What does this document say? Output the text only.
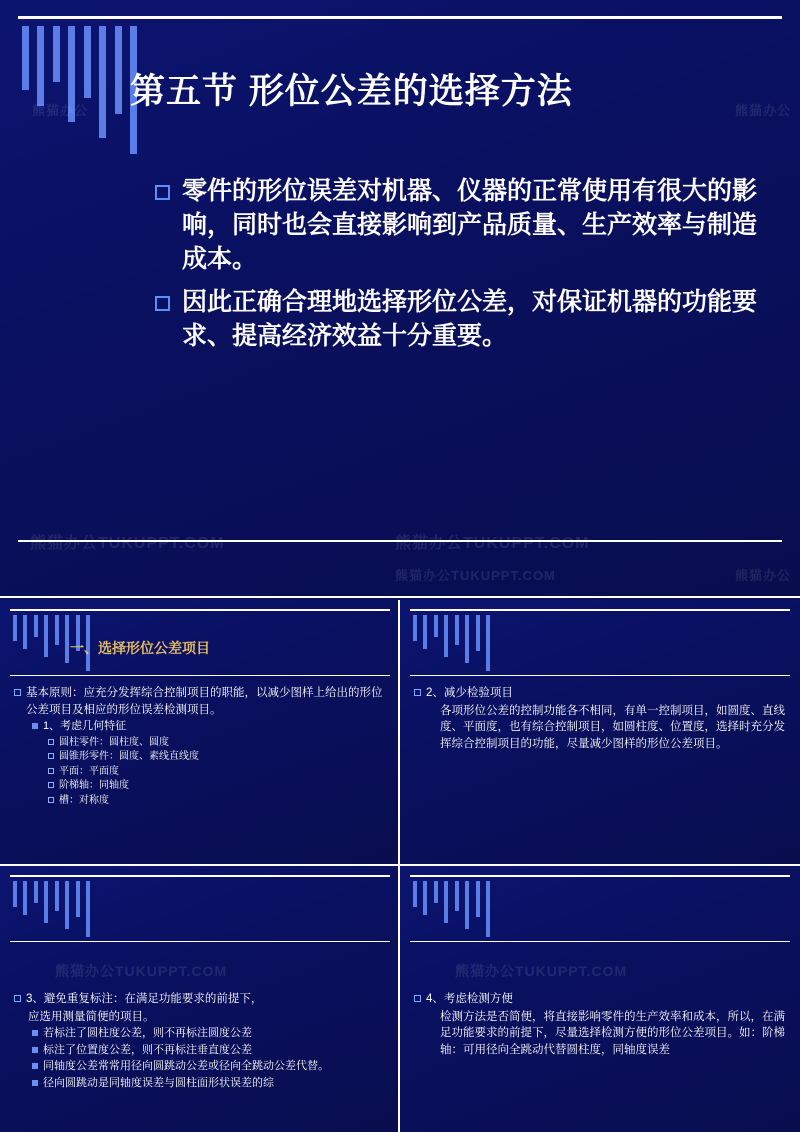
第五节 形位公差的选择方法
零件的形位误差对机器、仪器的正常使用有很大的影响，同时也会直接影响到产品质量、生产效率与制造成本。
因此正确合理地选择形位公差，对保证机器的功能要求、提高经济效益十分重要。
熊猫办公TUKUPPT.COM	熊猫办公TUKUPPT.COM
熊猫办公	熊猫办公
熊猫办公TUKUPPT.COM	熊猫办公

一、选择形位公差项目
基本原则：应充分发挥综合控制项目的职能，以减少图样上给出的形位公差项目及相应的形位误差检测项目。
1、考虑几何特征
圆柱零件：圆柱度、圆度
圆锥形零件：圆度、素线直线度
平面：平面度
阶梯轴：同轴度
槽：对称度

2、减少检验项目
各项形位公差的控制功能各不相同，有单一控制项目，如圆度、直线度、平面度，也有综合控制项目，如圆柱度、位置度，选择时充分发挥综合控制项目的功能，尽量减少图样的形位公差项目。

3、避免重复标注：在满足功能要求的前提下，
应选用测量简便的项目。
若标注了圆柱度公差，则不再标注圆度公差
标注了位置度公差，则不再标注垂直度公差
同轴度公差常常用径向圆跳动公差或径向全跳动公差代替。
径向圆跳动是同轴度误差与圆柱面形状误差的综
熊猫办公TUKUPPT.COM

4、考虑检测方便
检测方法是否简便，将直接影响零件的生产效率和成本，所以，在满足功能要求的前提下，尽量选择检测方便的形位公差项目。如：阶梯轴：可用径向全跳动代替圆柱度，同轴度误差
熊猫办公TUKUPPT.COM
